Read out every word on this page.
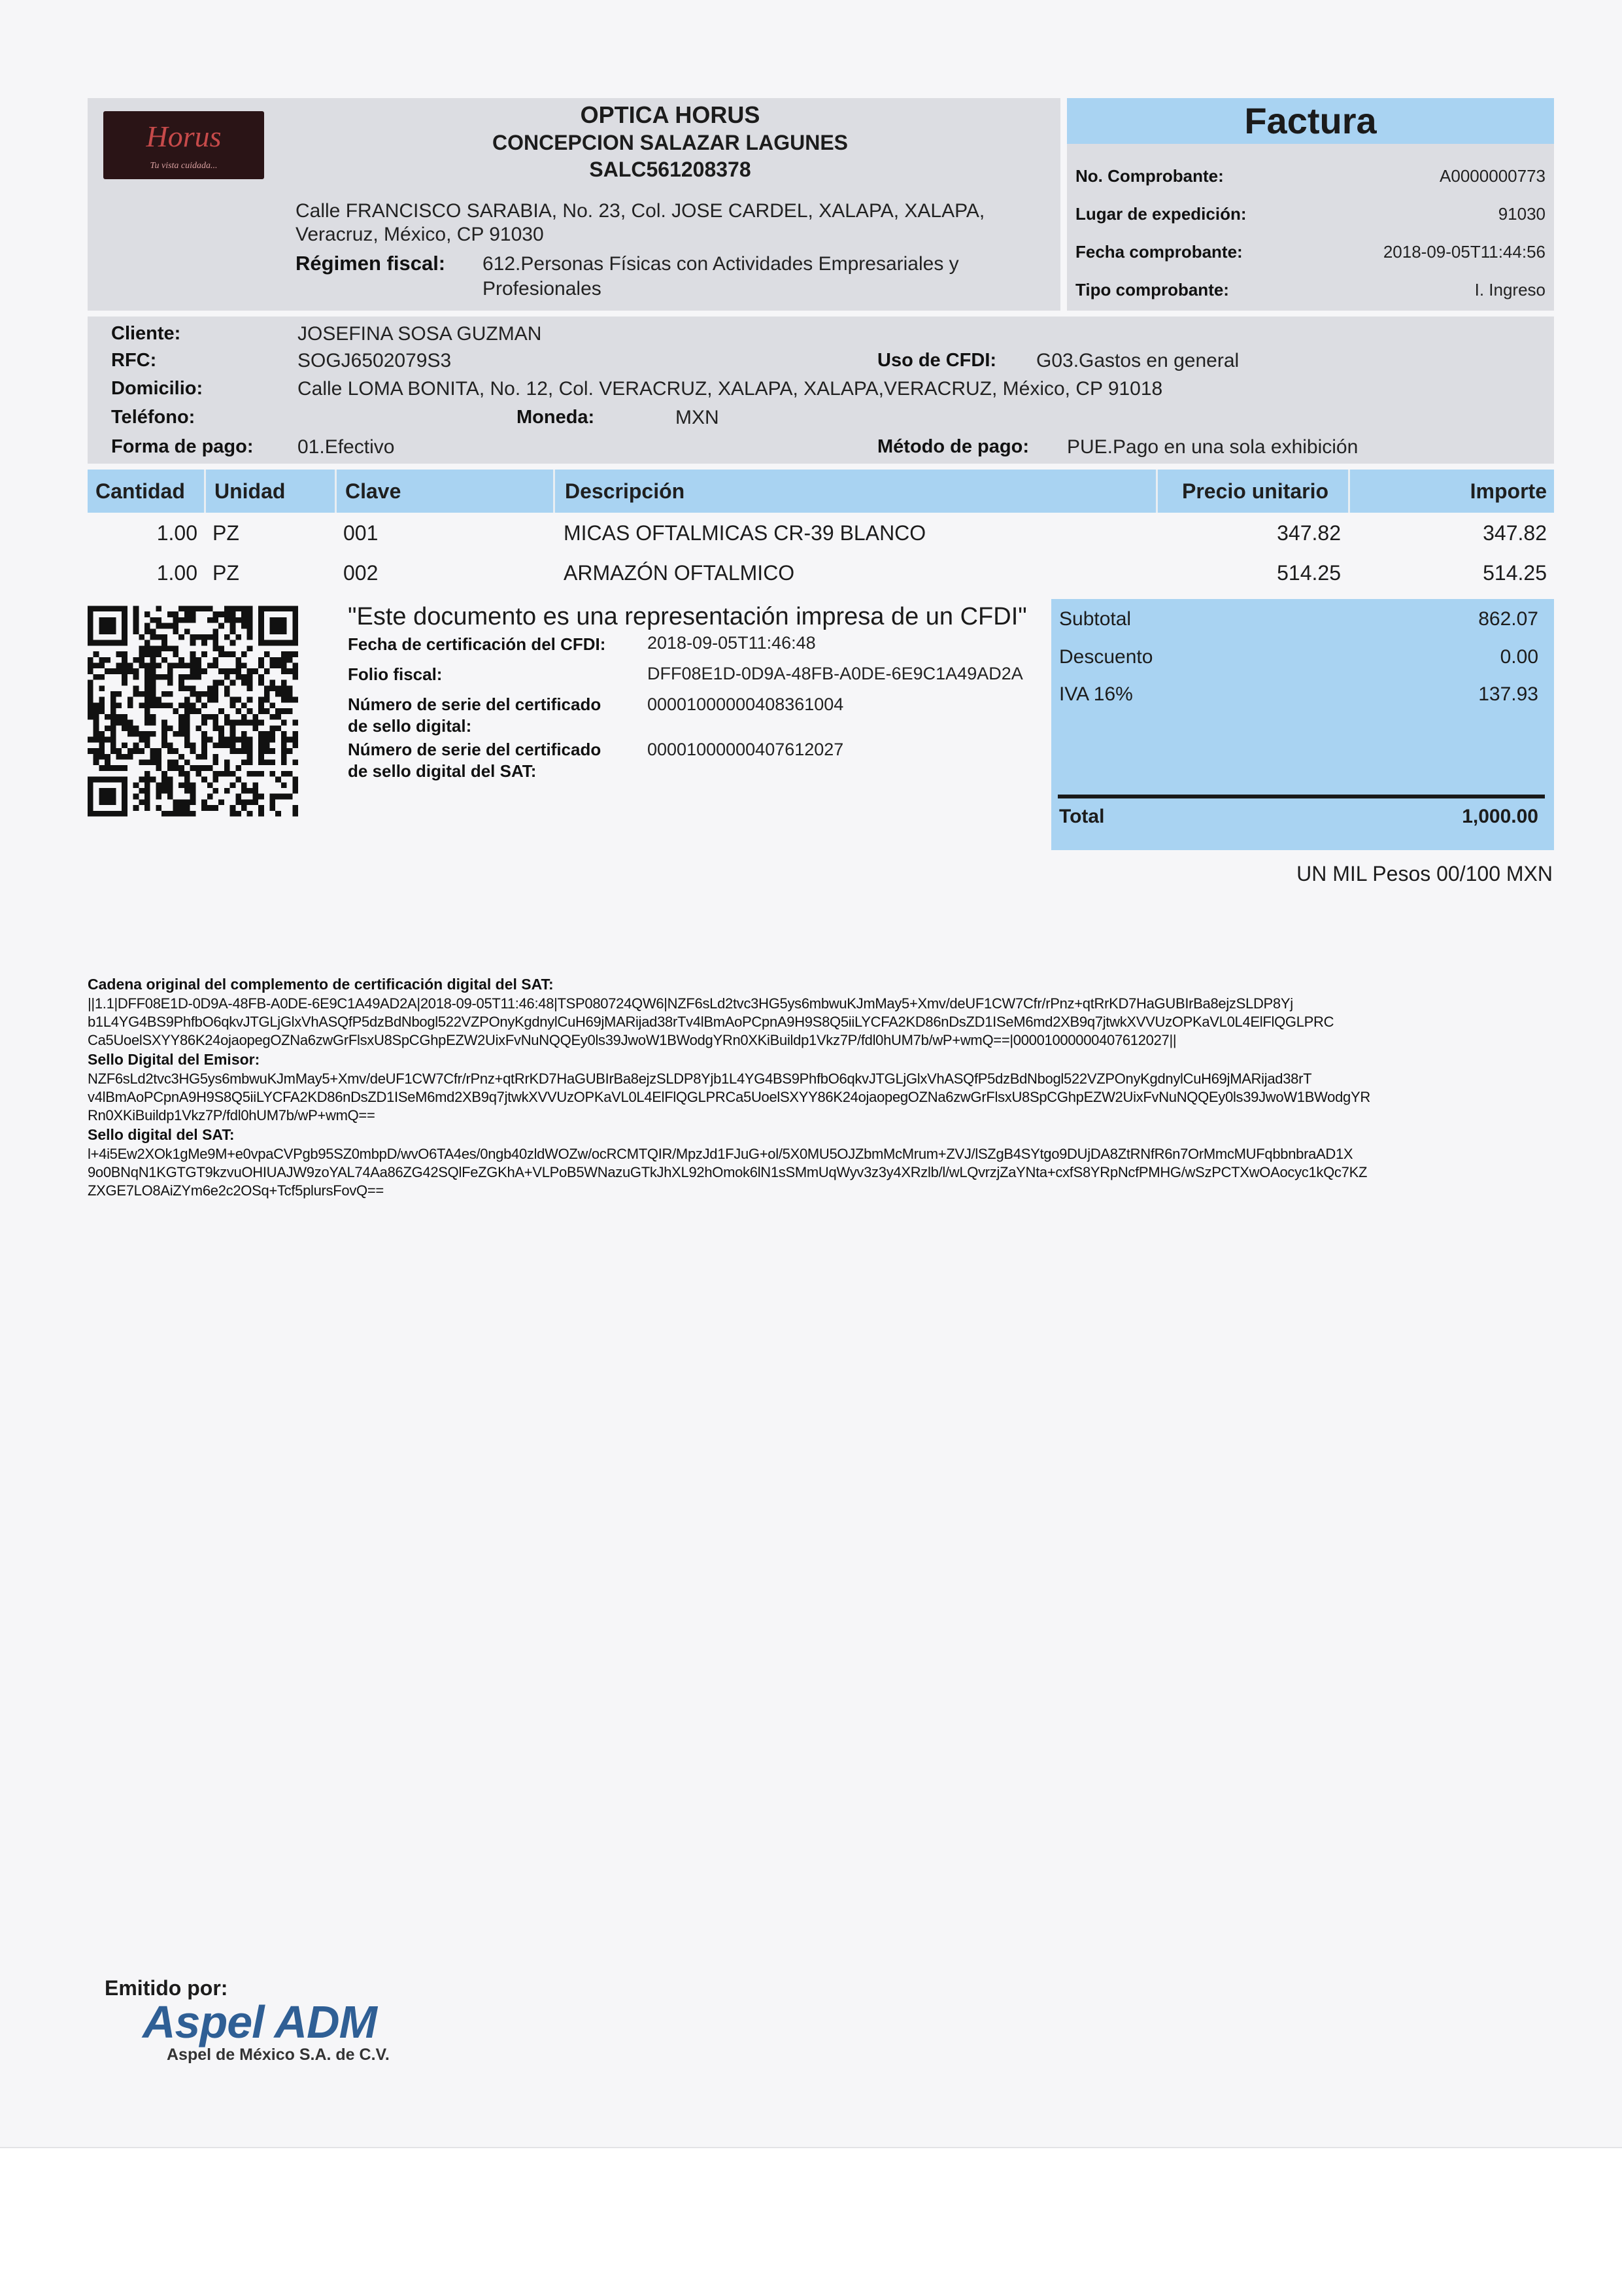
Factura
Horus
Tu vista cuidada...
OPTICA HORUS
CONCEPCION SALAZAR LAGUNES
SALC561208378
Calle FRANCISCO SARABIA, No. 23, Col. JOSE CARDEL, XALAPA, XALAPA, Veracruz, México, CP 91030
Régimen fiscal: 612.Personas Físicas con Actividades Empresariales y Profesionales
No. Comprobante:	A0000000773
Lugar de expedición:	91030
Fecha comprobante:	2018-09-05T11:44:56
Tipo comprobante:	I. Ingreso
Cliente:	JOSEFINA SOSA GUZMAN
RFC:	SOGJ6502079S3	Uso de CFDI: G03.Gastos en general
Domicilio:	Calle LOMA BONITA, No. 12, Col. VERACRUZ, XALAPA, XALAPA,VERACRUZ, México, CP 91018
Teléfono:	Moneda:	MXN
Forma de pago: 01.Efectivo	Método de pago: PUE.Pago en una sola exhibición
Cantidad Unidad	Clave	Descripción	Precio unitario	Importe
1.00 PZ	001	MICAS OFTALMICAS CR-39 BLANCO	347.82	347.82
1.00 PZ	002	ARMAZÓN OFTALMICO	514.25	514.25
"Este documento es una representación impresa de un CFDI"
Fecha de certificación del CFDI: 2018-09-05T11:46:48
Folio fiscal:	DFF08E1D-0D9A-48FB-A0DE-6E9C1A49AD2A
Número de serie del certificado
de sello digital:
00001000000408361004
Número de serie del certificado
de sello digital del SAT:
00001000000407612027
Subtotal	862.07
Descuento	0.00
IVA 16%	137.93
Total	1,000.00
UN MIL Pesos 00/100 MXN
Cadena original del complemento de certificación digital del SAT:
||1.1|DFF08E1D-0D9A-48FB-A0DE-6E9C1A49AD2A|2018-09-05T11:46:48|TSP080724QW6|NZF6sLd2tvc3HG5ys6mbwuKJmMay5+Xmv/deUF1CW7Cfr/rPnz+qtRrKD7HaGUBIrBa8ejzSLDP8Yj
b1L4YG4BS9PhfbO6qkvJTGLjGlxVhASQfP5dzBdNbogl522VZPOnyKgdnylCuH69jMARijad38rTv4lBmAoPCpnA9H9S8Q5iiLYCFA2KD86nDsZD1ISeM6md2XB9q7jtwkXVVUzOPKaVL0L4ElFlQGLPRC
Ca5UoelSXYY86K24ojaopegOZNa6zwGrFlsxU8SpCGhpEZW2UixFvNuNQQEy0ls39JwoW1BWodgYRn0XKiBuildp1Vkz7P/fdl0hUM7b/wP+wmQ==|00001000000407612027||
Sello Digital del Emisor:
NZF6sLd2tvc3HG5ys6mbwuKJmMay5+Xmv/deUF1CW7Cfr/rPnz+qtRrKD7HaGUBIrBa8ejzSLDP8Yjb1L4YG4BS9PhfbO6qkvJTGLjGlxVhASQfP5dzBdNbogl522VZPOnyKgdnylCuH69jMARijad38rT
v4lBmAoPCpnA9H9S8Q5iiLYCFA2KD86nDsZD1ISeM6md2XB9q7jtwkXVVUzOPKaVL0L4ElFlQGLPRCa5UoelSXYY86K24ojaopegOZNa6zwGrFlsxU8SpCGhpEZW2UixFvNuNQQEy0ls39JwoW1BWodgYR
Rn0XKiBuildp1Vkz7P/fdl0hUM7b/wP+wmQ==
Sello digital del SAT:
l+4i5Ew2XOk1gMe9M+e0vpaCVPgb95SZ0mbpD/wvO6TA4es/0ngb40zldWOZw/ocRCMTQIR/MpzJd1FJuG+ol/5X0MU5OJZbmMcMrum+ZVJ/lSZgB4SYtgo9DUjDA8ZtRNfR6n7OrMmcMUFqbbnbraAD1X
9o0BNqN1KGTGT9kzvuOHIUAJW9zoYAL74Aa86ZG42SQlFeZGKhA+VLPoB5WNazuGTkJhXL92hOmok6lN1sSMmUqWyv3z3y4XRzlb/l/wLQvrzjZaYNta+cxfS8YRpNcfPMHG/wSzPCTXwOAocyc1kQc7KZ
ZXGE7LO8AiZYm6e2c2OSq+Tcf5plursFovQ==
Emitido por:
Aspel ADM
Aspel de México S.A. de C.V.
